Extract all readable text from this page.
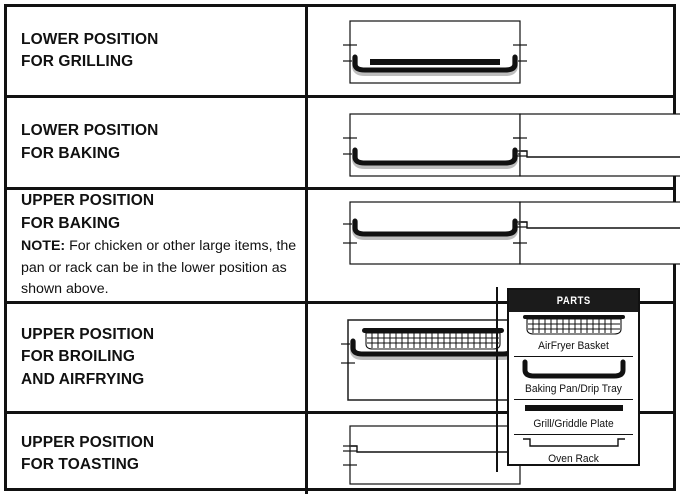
LOWER POSITION
FOR GRILLING
LOWER POSITION
FOR BAKING
UPPER POSITION
FOR BAKING
NOTE: For chicken or other large items, the pan or rack can be in the lower position as shown above.
UPPER POSITION
FOR BROILING
AND AIRFRYING
UPPER POSITION
FOR TOASTING
PARTS
AirFryer Basket
Baking Pan/Drip Tray
Grill/Griddle Plate
Oven Rack
